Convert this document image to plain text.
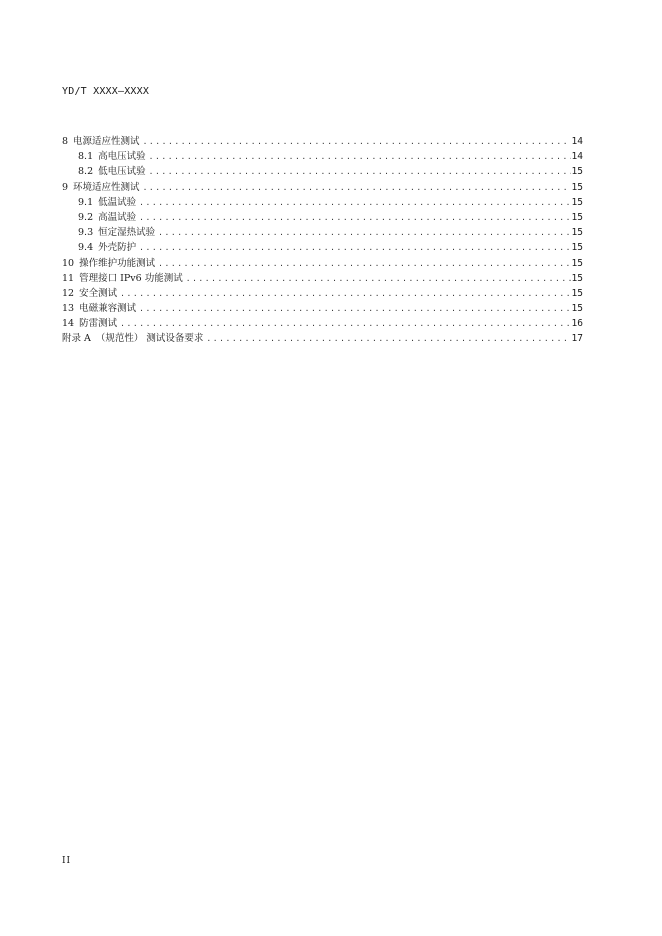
YD/T XXXX—XXXX
8 电源适应性测试 .....	14
8.1 高电压试验 .....	14
8.2 低电压试验 .....	15
9 环境适应性测试 .....	15
9.1 低温试验 .....	15
9.2 高温试验 .....	15
9.3 恒定湿热试验 .....	15
9.4 外壳防护 .....	15
10 操作维护功能测试 .....	15
11 管理接口 IPv6 功能测试 .....	15
12 安全测试 .....	15
13 电磁兼容测试 .....	15
14 防雷测试 .....	16
附录 A （规范性） 测试设备要求 .....	17
II
